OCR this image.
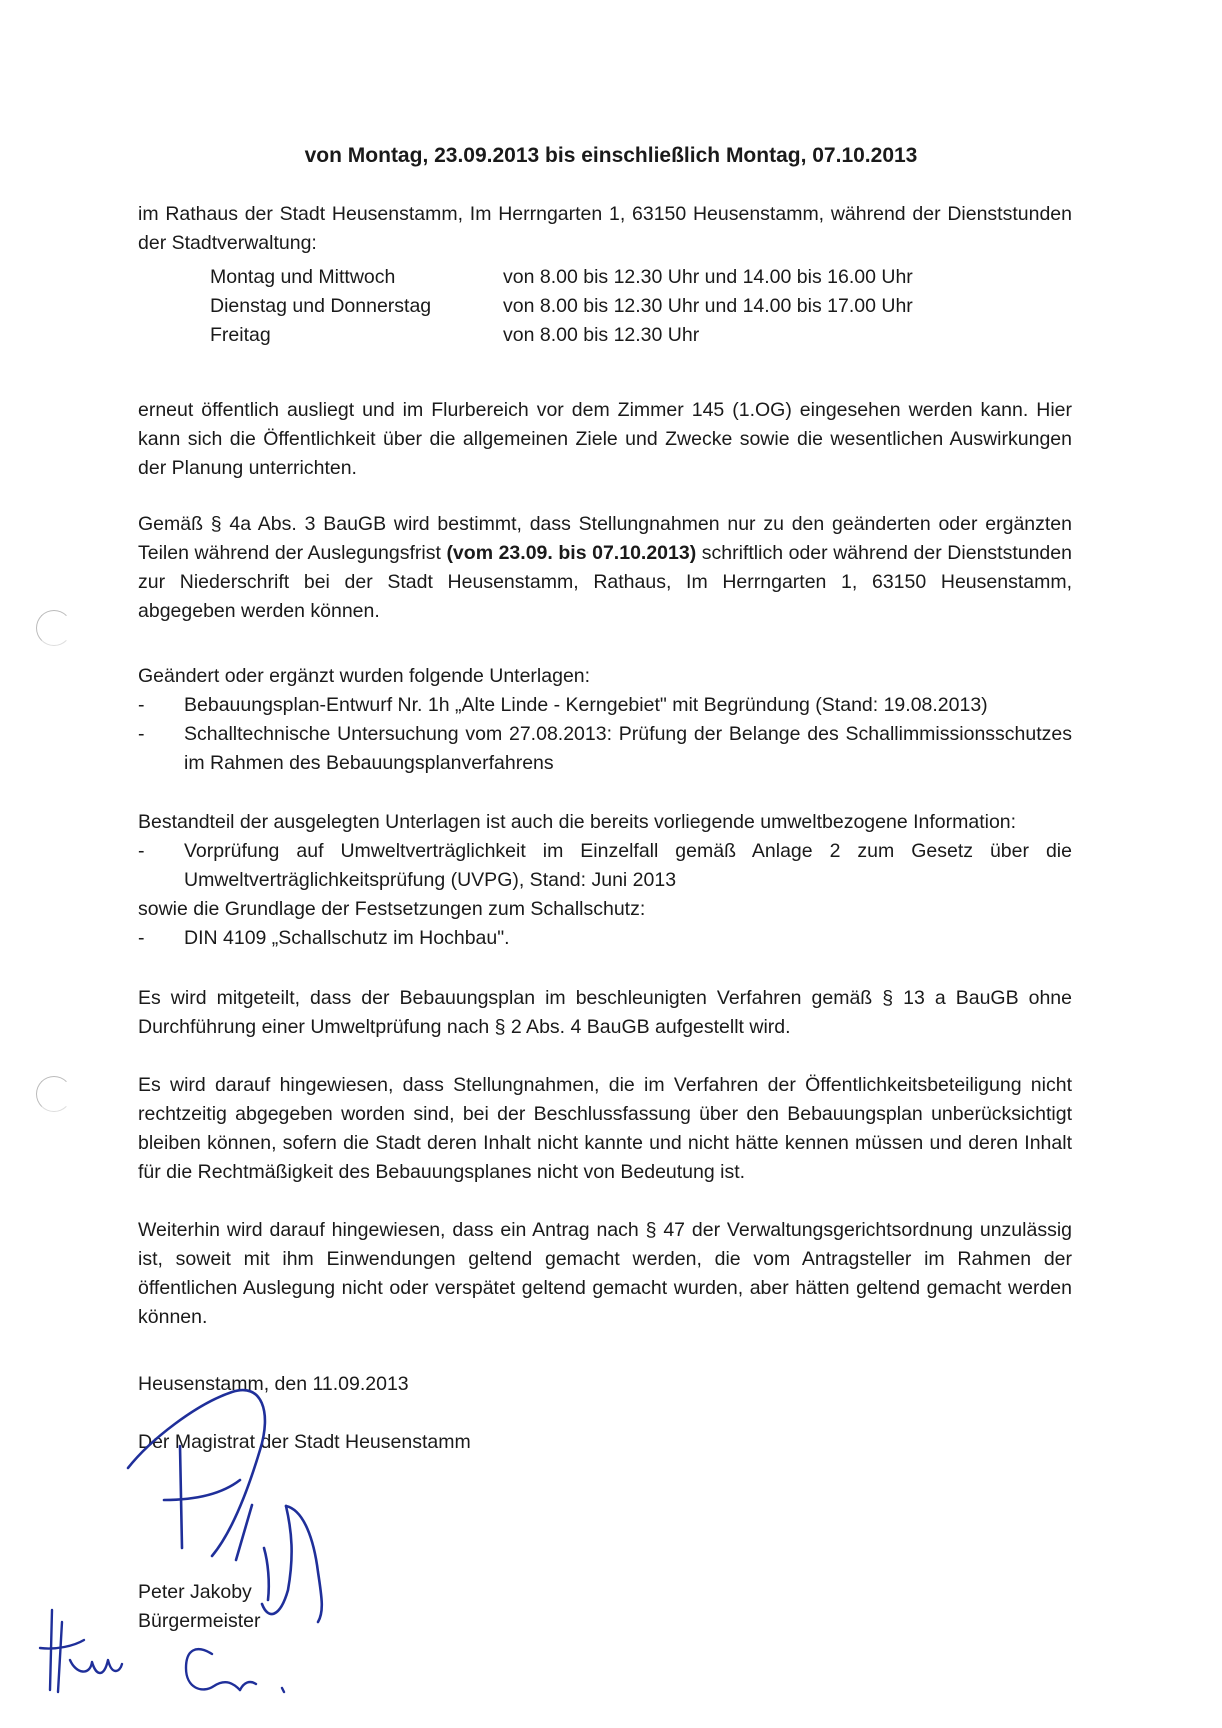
von Montag, 23.09.2013 bis einschließlich Montag, 07.10.2013

im Rathaus der Stadt Heusenstamm, Im Herrngarten 1, 63150 Heusenstamm, während der Dienststunden der Stadtverwaltung:

Montag und Mittwoch	von 8.00 bis 12.30 Uhr und 14.00 bis 16.00 Uhr
Dienstag und Donnerstag	von 8.00 bis 12.30 Uhr und 14.00 bis 17.00 Uhr
Freitag	von 8.00 bis 12.30 Uhr

erneut öffentlich ausliegt und im Flurbereich vor dem Zimmer 145 (1.OG) eingesehen werden kann. Hier kann sich die Öffentlichkeit über die allgemeinen Ziele und Zwecke sowie die wesentlichen Auswirkungen der Planung unterrichten.

Gemäß § 4a Abs. 3 BauGB wird bestimmt, dass Stellungnahmen nur zu den geänderten oder ergänzten Teilen während der Auslegungsfrist (vom 23.09. bis 07.10.2013) schriftlich oder während der Dienststunden zur Niederschrift bei der Stadt Heusenstamm, Rathaus, Im Herrngarten 1, 63150 Heusenstamm, abgegeben werden können.

Geändert oder ergänzt wurden folgende Unterlagen:

- Bebauungsplan-Entwurf Nr. 1h „Alte Linde - Kerngebiet" mit Begründung (Stand: 19.08.2013)
- Schalltechnische Untersuchung vom 27.08.2013: Prüfung der Belange des Schallimmissionsschutzes im Rahmen des Bebauungsplanverfahrens

Bestandteil der ausgelegten Unterlagen ist auch die bereits vorliegende umweltbezogene Information:

- Vorprüfung auf Umweltverträglichkeit im Einzelfall gemäß Anlage 2 zum Gesetz über die Umweltverträglichkeitsprüfung (UVPG), Stand: Juni 2013

sowie die Grundlage der Festsetzungen zum Schallschutz:

- DIN 4109 „Schallschutz im Hochbau".

Es wird mitgeteilt, dass der Bebauungsplan im beschleunigten Verfahren gemäß § 13 a BauGB ohne Durchführung einer Umweltprüfung nach § 2 Abs. 4 BauGB aufgestellt wird.

Es wird darauf hingewiesen, dass Stellungnahmen, die im Verfahren der Öffentlichkeitsbeteiligung nicht rechtzeitig abgegeben worden sind, bei der Beschlussfassung über den Bebauungsplan unberücksichtigt bleiben können, sofern die Stadt deren Inhalt nicht kannte und nicht hätte kennen müssen und deren Inhalt für die Rechtmäßigkeit des Bebauungsplanes nicht von Bedeutung ist.

Weiterhin wird darauf hingewiesen, dass ein Antrag nach § 47 der Verwaltungsgerichtsordnung unzulässig ist, soweit mit ihm Einwendungen geltend gemacht werden, die vom Antragsteller im Rahmen der öffentlichen Auslegung nicht oder verspätet geltend gemacht wurden, aber hätten geltend gemacht werden können.

Heusenstamm, den 11.09.2013

Der Magistrat der Stadt Heusenstamm

Peter Jakoby

Bürgermeister
